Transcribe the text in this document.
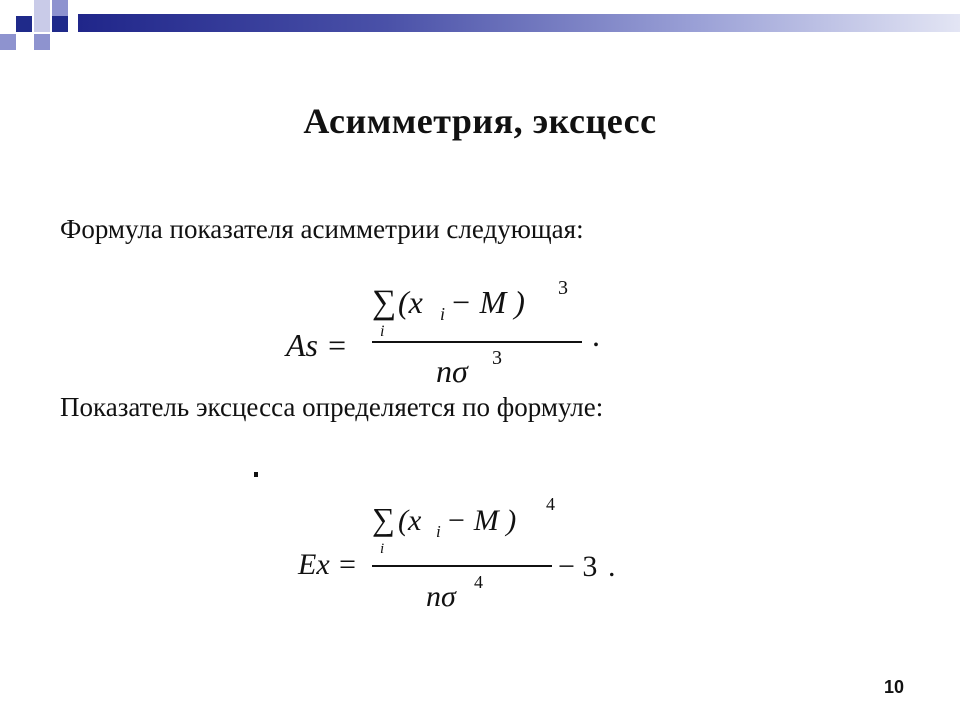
Асимметрия, эксцесс
Формула показателя асимметрии следующая:
Показатель эксцесса определяется по формуле:
As =
∑ (x i − M ) 3
i
nσ 3
.
Ex =
∑ (x i − M ) 4
i
nσ 4	− 3 .
10
